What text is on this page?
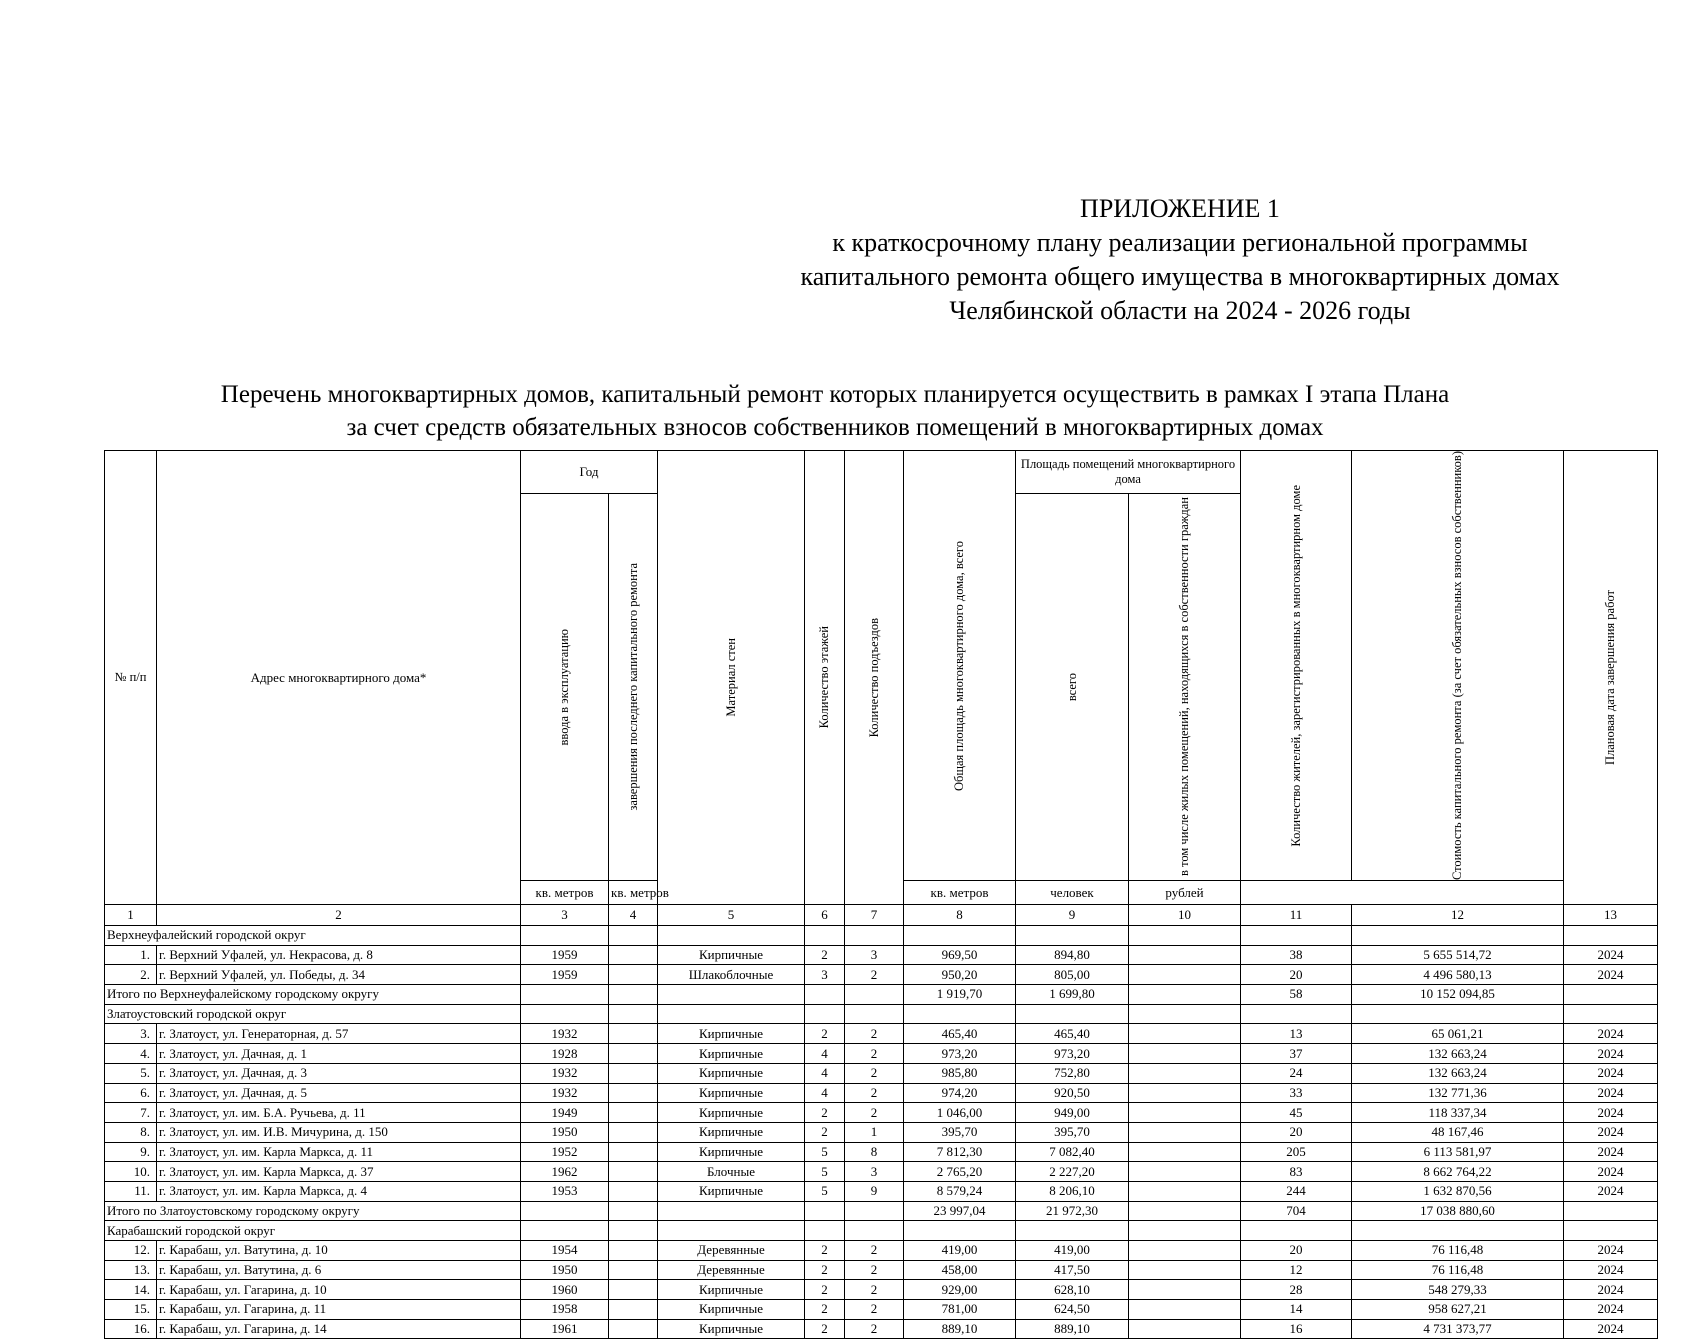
ПРИЛОЖЕНИЕ 1
к краткосрочному плану реализации региональной программы
капитального ремонта общего имущества в многоквартирных домах
Челябинской области на 2024 - 2026 годы
Перечень многоквартирных домов, капитальный ремонт которых планируется осуществить в рамках I этапа Плана
за счет средств обязательных взносов собственников помещений в многоквартирных домах
№ п/п	Адрес многоквартирного дома*	Год		Материал стен	Количество этажей	Количество подъездов	Общая площадь многоквартирного дома, всего	Площадь помещений многоквартирного дома		Количество жителей, зарегистрированных в многоквартирном доме	Стоимость капитального ремонта (за счет обязательных взносов собственников)	Плановая дата завершения работ

		ввода в эксплуатацию	завершения последнего капитального ремонта					всего	в том числе жилых помещений, находящихся в собственности граждан			

		кв. метров	кв. метров				кв. метров	человек	рублей			
1	2	3	4	5	6	7	8	9	10	11	12	13
Верхнеуфалейский городской округ												
1.	г. Верхний Уфалей, ул. Некрасова, д. 8	1959		Кирпичные	2	3	969,50	894,80		38	5 655 514,72	2024
2.	г. Верхний Уфалей, ул. Победы, д. 34	1959		Шлакоблочные	3	2	950,20	805,00		20	4 496 580,13	2024
Итого по Верхнеуфалейскому городскому округу							1 919,70	1 699,80		58	10 152 094,85	
Златоустовский городской округ												
3.	г. Златоуст, ул. Генераторная, д. 57	1932		Кирпичные	2	2	465,40	465,40		13	65 061,21	2024
4.	г. Златоуст, ул. Дачная, д. 1	1928		Кирпичные	4	2	973,20	973,20		37	132 663,24	2024
5.	г. Златоуст, ул. Дачная, д. 3	1932		Кирпичные	4	2	985,80	752,80		24	132 663,24	2024
6.	г. Златоуст, ул. Дачная, д. 5	1932		Кирпичные	4	2	974,20	920,50		33	132 771,36	2024
7.	г. Златоуст, ул. им. Б.А. Ручьева, д. 11	1949		Кирпичные	2	2	1 046,00	949,00		45	118 337,34	2024
8.	г. Златоуст, ул. им. И.В. Мичурина, д. 150	1950		Кирпичные	2	1	395,70	395,70		20	48 167,46	2024
9.	г. Златоуст, ул. им. Карла Маркса, д. 11	1952		Кирпичные	5	8	7 812,30	7 082,40		205	6 113 581,97	2024
10.	г. Златоуст, ул. им. Карла Маркса, д. 37	1962		Блочные	5	3	2 765,20	2 227,20		83	8 662 764,22	2024
11.	г. Златоуст, ул. им. Карла Маркса, д. 4	1953		Кирпичные	5	9	8 579,24	8 206,10		244	1 632 870,56	2024
Итого по Златоустовскому городскому округу							23 997,04	21 972,30		704	17 038 880,60	
Карабашский городской округ												
12.	г. Карабаш, ул. Ватутина, д. 10	1954		Деревянные	2	2	419,00	419,00		20	76 116,48	2024
13.	г. Карабаш, ул. Ватутина, д. 6	1950		Деревянные	2	2	458,00	417,50		12	76 116,48	2024
14.	г. Карабаш, ул. Гагарина, д. 10	1960		Кирпичные	2	2	929,00	628,10		28	548 279,33	2024
15.	г. Карабаш, ул. Гагарина, д. 11	1958		Кирпичные	2	2	781,00	624,50		14	958 627,21	2024
16.	г. Карабаш, ул. Гагарина, д. 14	1961		Кирпичные	2	2	889,10	889,10		16	4 731 373,77	2024
